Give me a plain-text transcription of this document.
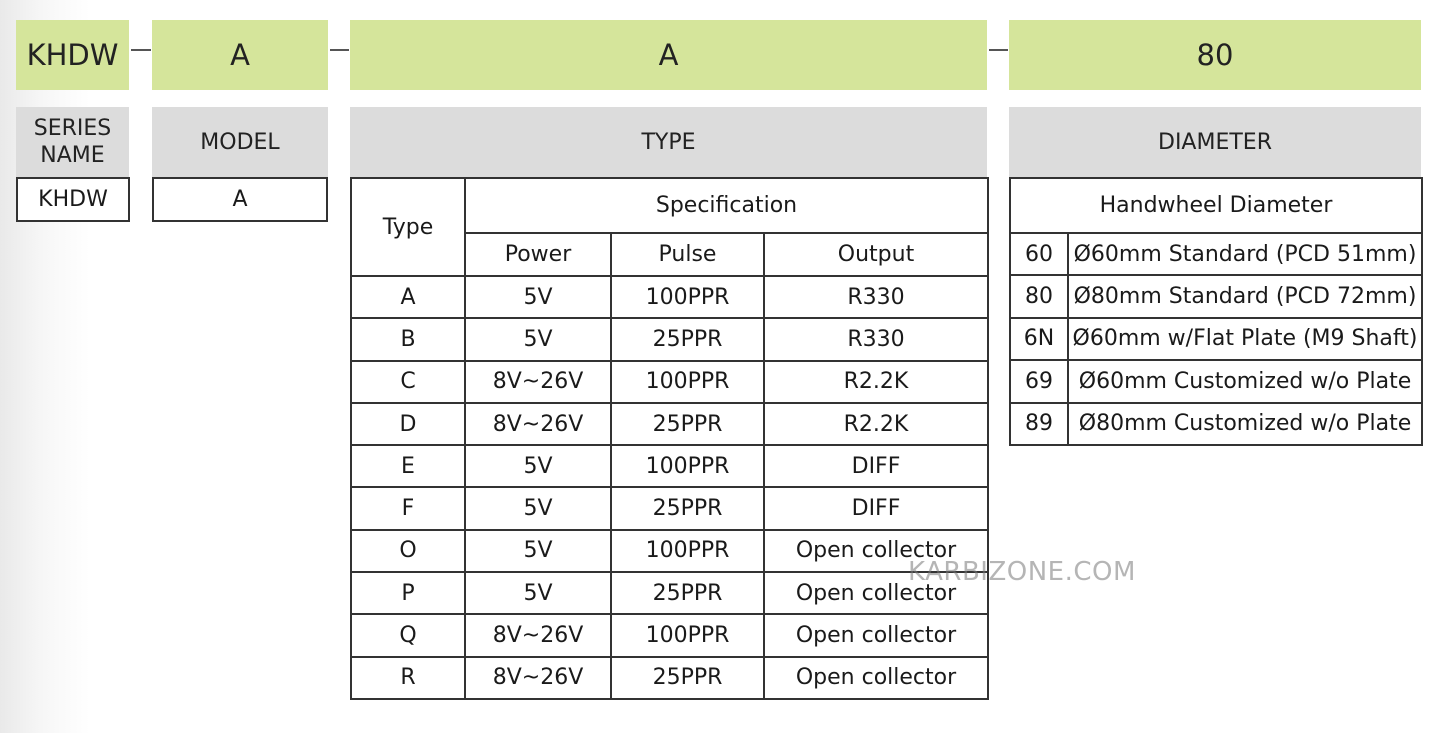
KHDW	A	A	80
SERIES
NAME
MODEL	TYPE	DIAMETER
KHDW	A
Type	Specification		
	Power	Pulse	Output
A	5V	100PPR	R330
B	5V	25PPR	R330
C	8V~26V	100PPR	R2.2K
D	8V~26V	25PPR	R2.2K
E	5V	100PPR	DIFF
F	5V	25PPR	DIFF
O	5V	100PPR	Open collector
P	5V	25PPR	Open collector
Q	8V~26V	100PPR	Open collector
R	8V~26V	25PPR	Open collector
Handwheel Diameter	
60	Ø60mm Standard (PCD 51mm)
80	Ø80mm Standard (PCD 72mm)
6N	Ø60mm w/Flat Plate (M9 Shaft)
69	Ø60mm Customized w/o Plate
89	Ø80mm Customized w/o Plate
KARBIZONE.COM
